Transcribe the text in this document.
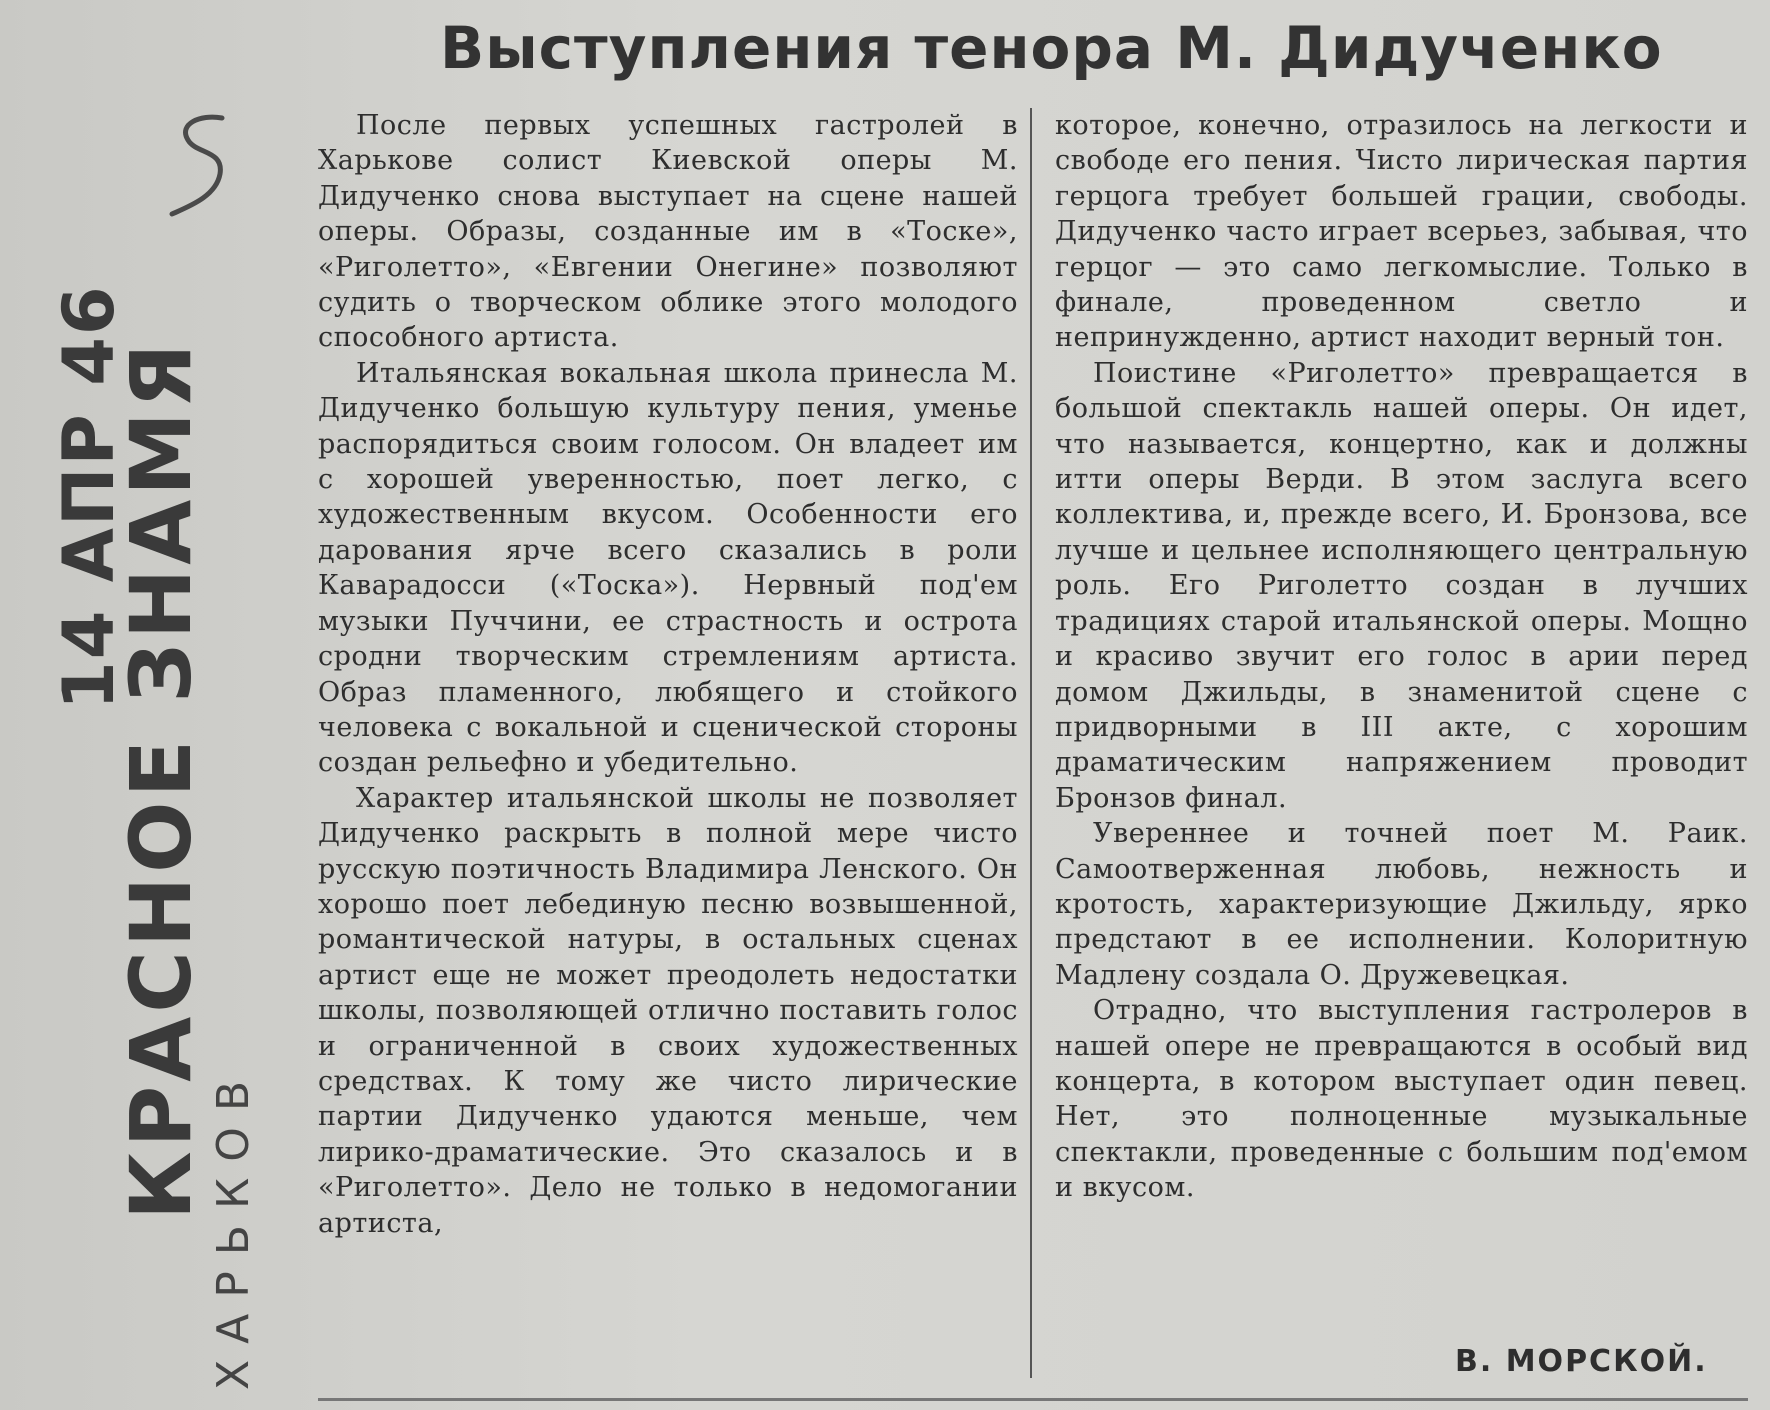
14 АПР 46
КРАСНОЕ ЗНАМЯ
ХАРЬКОВ
Выступления тенора М. Дидученко

После первых успешных гастролей в Харькове солист Киевской оперы М. Дидученко снова выступает на сцене нашей оперы. Образы, созданные им в «Тоске», «Риголетто», «Евгении Онегине» позволяют судить о творческом облике этого молодого способного артиста.

Итальянская вокальная школа принесла М. Дидученко большую культуру пения, уменье распорядиться своим голосом. Он владеет им с хорошей уверенностью, поет легко, с художественным вкусом. Особенности его дарования ярче всего сказались в роли Каварадосси («Тоска»). Нервный под'ем музыки Пуччини, ее страстность и острота сродни творческим стремлениям артиста. Образ пламенного, любящего и стойкого человека с вокальной и сценической стороны создан рельефно и убедительно.

Характер итальянской школы не позволяет Дидученко раскрыть в полной мере чисто русскую поэтичность Владимира Ленского. Он хорошо поет лебединую песню возвышенной, романтической натуры, в остальных сценах артист еще не может преодолеть недостатки школы, позволяющей отлично поставить голос и ограниченной в своих художественных средствах. К тому же чисто лирические партии Дидученко удаются меньше, чем лирико-драматические. Это сказалось и в «Риголетто». Дело не только в недомогании артиста,

которое, конечно, отразилось на легкости и свободе его пения. Чисто лирическая партия герцога требует большей грации, свободы. Дидученко часто играет всерьез, забывая, что герцог — это само легкомыслие. Только в финале, проведенном светло и непринужденно, артист находит верный тон.

Поистине «Риголетто» превращается в большой спектакль нашей оперы. Он идет, что называется, концертно, как и должны итти оперы Верди. В этом заслуга всего коллектива, и, прежде всего, И. Бронзова, все лучше и цельнее исполняющего центральную роль. Его Риголетто создан в лучших традициях старой итальянской оперы. Мощно и красиво звучит его голос в арии перед домом Джильды, в знаменитой сцене с придворными в III акте, с хорошим драматическим напряжением проводит Бронзов финал.

Увереннее и точней поет М. Раик. Самоотверженная любовь, нежность и кротость, характеризующие Джильду, ярко предстают в ее исполнении. Колоритную Мадлену создала О. Дружевецкая.

Отрадно, что выступления гастролеров в нашей опере не превращаются в особый вид концерта, в котором выступает один певец. Нет, это полноценные музыкальные спектакли, проведенные с большим под'емом и вкусом.

В. МОРСКОЙ.
